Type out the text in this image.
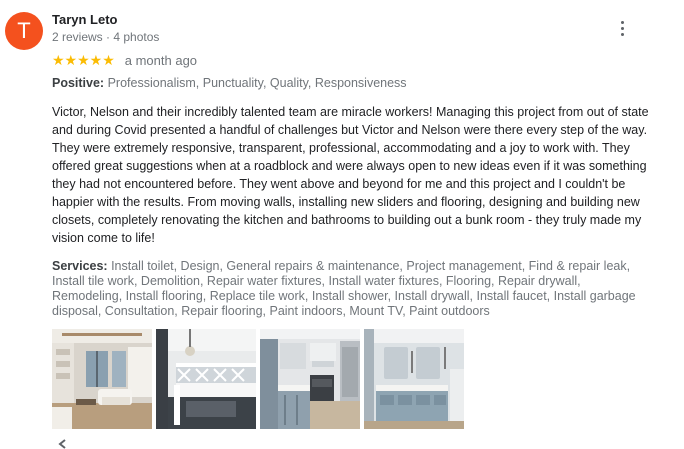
T	Taryn Leto
2 reviews · 4 photos
★★★★★ a month ago
Positive: Professionalism, Punctuality, Quality, Responsiveness
Victor, Nelson and their incredibly talented team are miracle workers! Managing this project from out of state and during Covid presented a handful of challenges but Victor and Nelson were there every step of the way. They were extremely responsive, transparent, professional, accommodating and a joy to work with. They offered great suggestions when at a roadblock and were always open to new ideas even if it was something they had not encountered before. They went above and beyond for me and this project and I couldn't be happier with the results. From moving walls, installing new sliders and flooring, designing and building new closets, completely renovating the kitchen and bathrooms to building out a bunk room - they truly made my vision come to life!
Services: Install toilet, Design, General repairs & maintenance, Project management, Find & repair leak, Install tile work, Demolition, Repair water fixtures, Install water fixtures, Flooring, Repair drywall, Remodeling, Install flooring, Replace tile work, Install shower, Install drywall, Install faucet, Install garbage disposal, Consultation, Repair flooring, Paint indoors, Mount TV, Paint outdoors
